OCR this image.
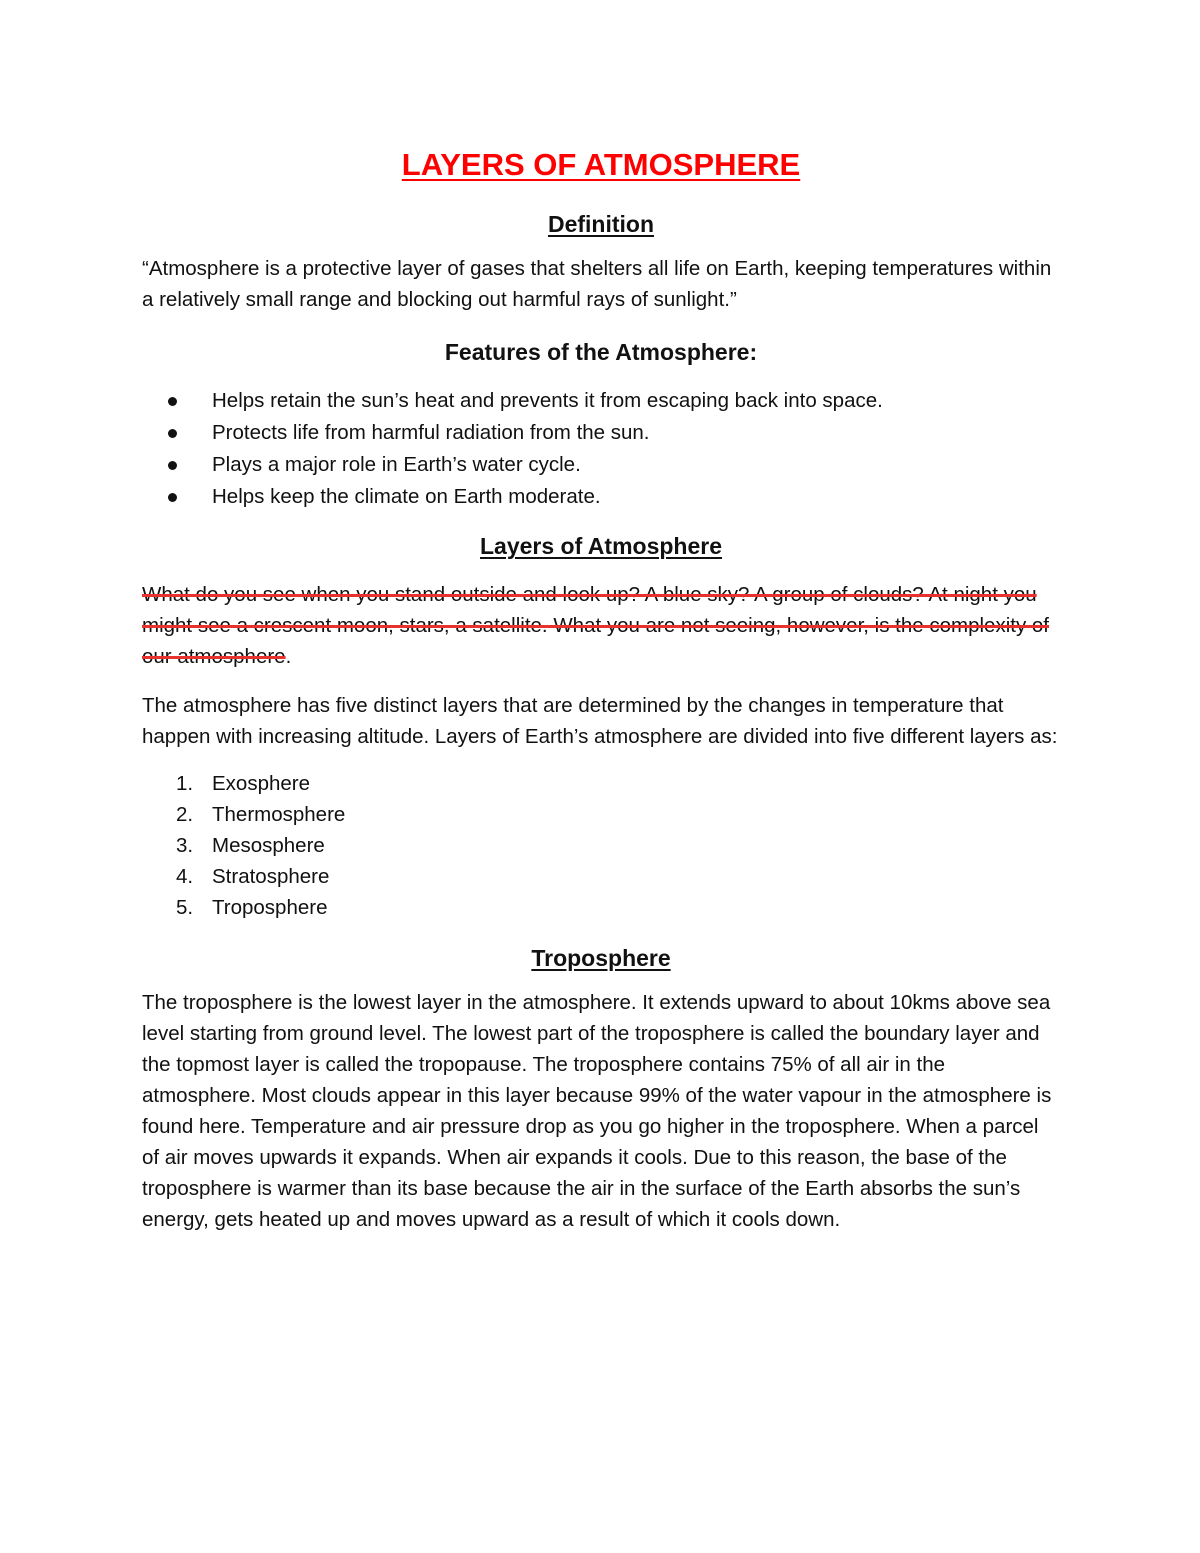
LAYERS OF ATMOSPHERE
Definition

“Atmosphere is a protective layer of gases that shelters all life on Earth, keeping temperatures within a relatively small range and blocking out harmful rays of sunlight.”

Features of the Atmosphere:
Helps retain the sun’s heat and prevents it from escaping back into space.
Protects life from harmful radiation from the sun.
Plays a major role in Earth’s water cycle.
Helps keep the climate on Earth moderate.
Layers of Atmosphere

What do you see when you stand outside and look up? A blue sky? A group of clouds? At night you might see a crescent moon, stars, a satellite. What you are not seeing, however, is the complexity of our atmosphere.

The atmosphere has five distinct layers that are determined by the changes in temperature that happen with increasing altitude. Layers of Earth’s atmosphere are divided into five different layers as:

1. Exosphere
2. Thermosphere
3. Mesosphere
4. Stratosphere
5. Troposphere
Troposphere

The troposphere is the lowest layer in the atmosphere. It extends upward to about 10kms above sea level starting from ground level. The lowest part of the troposphere is called the boundary layer and the topmost layer is called the tropopause. The troposphere contains 75% of all air in the atmosphere. Most clouds appear in this layer because 99% of the water vapour in the atmosphere is found here. Temperature and air pressure drop as you go higher in the troposphere. When a parcel of air moves upwards it expands. When air expands it cools. Due to this reason, the base of the troposphere is warmer than its base because the air in the surface of the Earth absorbs the sun’s energy, gets heated up and moves upward as a result of which it cools down.
